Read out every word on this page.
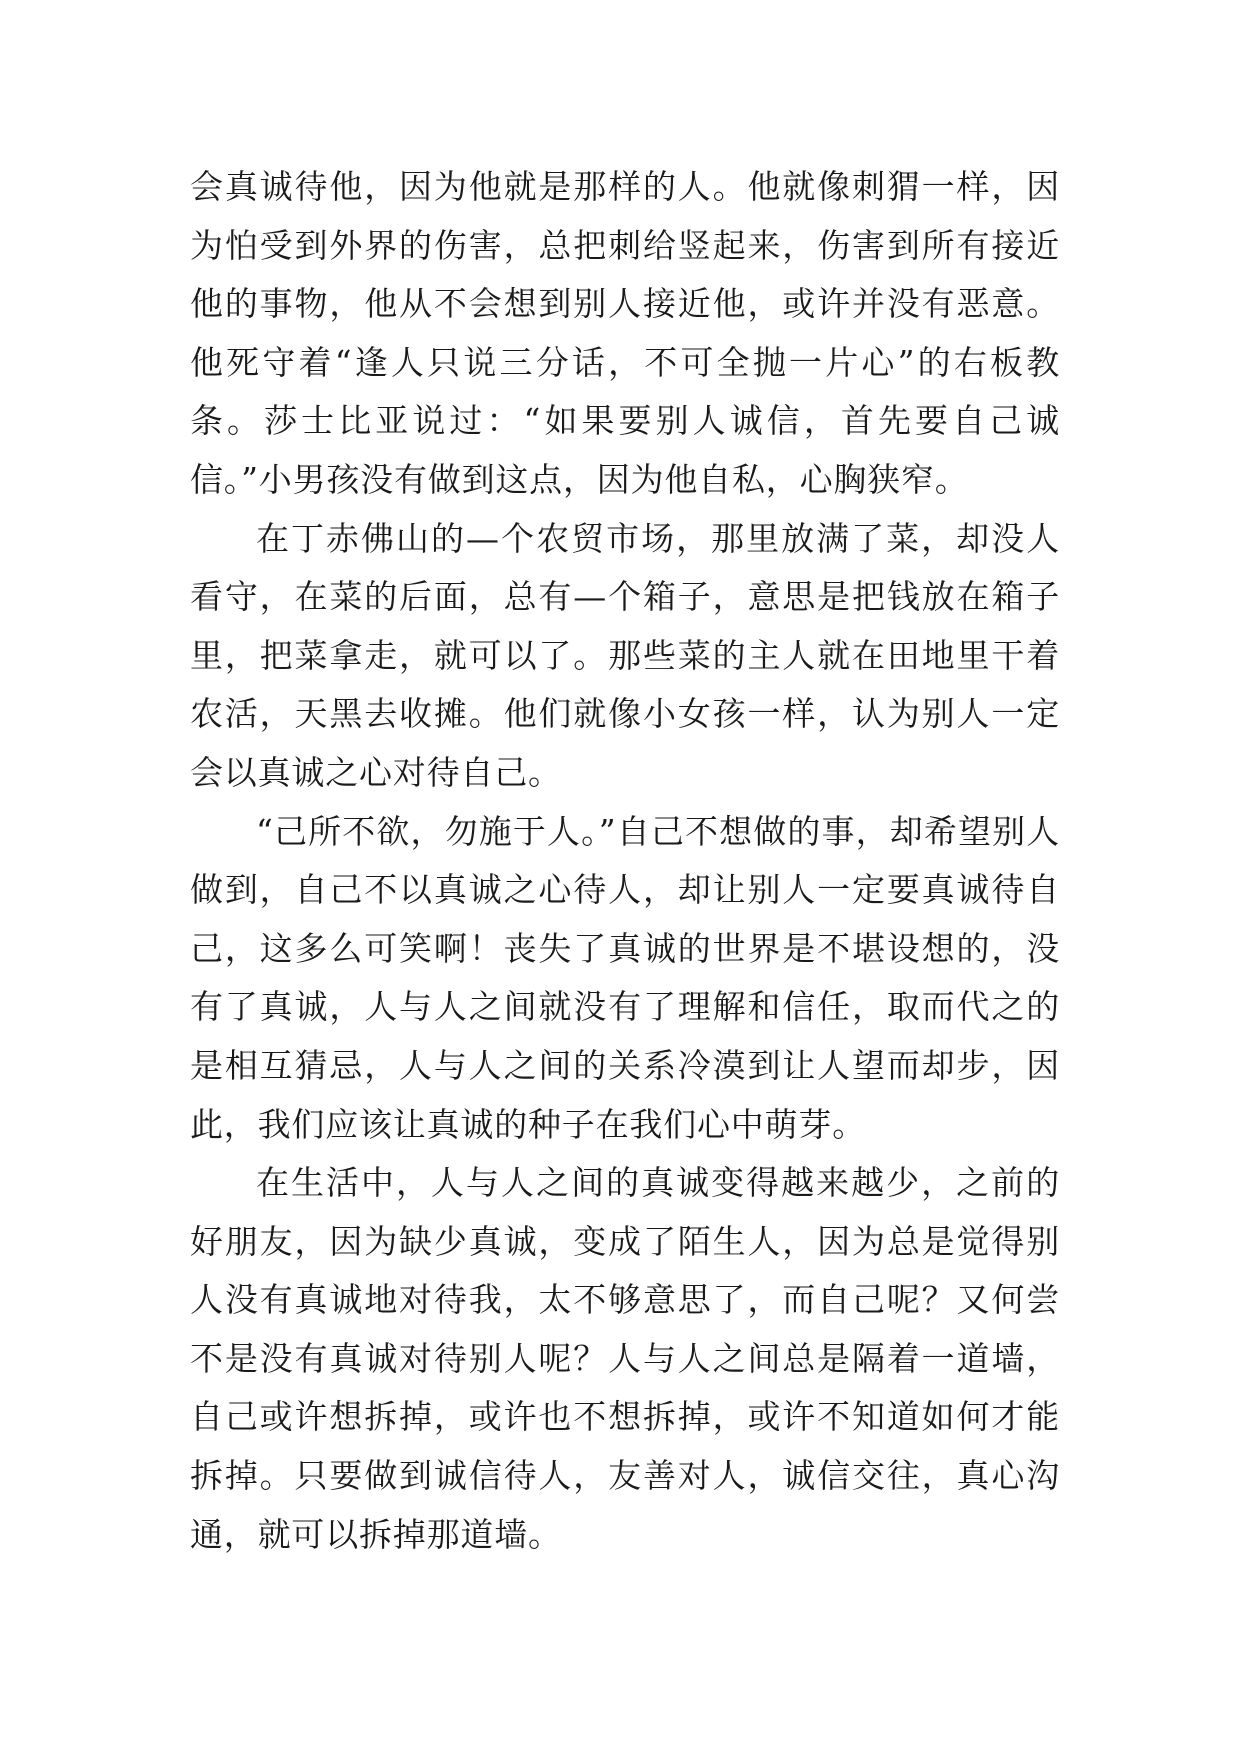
会真诚待他，因为他就是那样的人。他就像刺猬一样，因为怕受到外界的伤害，总把刺给竖起来，伤害到所有接近他的事物，他从不会想到别人接近他，或许并没有恶意。他死守着“逢人只说三分话，不可全抛一片心”的右板教条。莎士比亚说过：“如果要别人诚信，首先要自己诚信。”小男孩没有做到这点，因为他自私，心胸狭窄。

在丁赤佛山的—个农贸市场，那里放满了菜，却没人看守，在菜的后面，总有—个箱子，意思是把钱放在箱子里，把菜拿走，就可以了。那些菜的主人就在田地里干着农活，天黑去收摊。他们就像小女孩一样，认为别人一定会以真诚之心对待自己。

“己所不欲，勿施于人。”自己不想做的事，却希望别人做到，自己不以真诚之心待人，却让别人一定要真诚待自己，这多么可笑啊！丧失了真诚的世界是不堪设想的，没有了真诚，人与人之间就没有了理解和信任，取而代之的是相互猜忌，人与人之间的关系冷漠到让人望而却步，因此，我们应该让真诚的种子在我们心中萌芽。

在生活中，人与人之间的真诚变得越来越少，之前的好朋友，因为缺少真诚，变成了陌生人，因为总是觉得别人没有真诚地对待我，太不够意思了，而自己呢？又何尝不是没有真诚对待别人呢？人与人之间总是隔着一道墙，自己或许想拆掉，或许也不想拆掉，或许不知道如何才能拆掉。只要做到诚信待人，友善对人，诚信交往，真心沟通，就可以拆掉那道墙。
